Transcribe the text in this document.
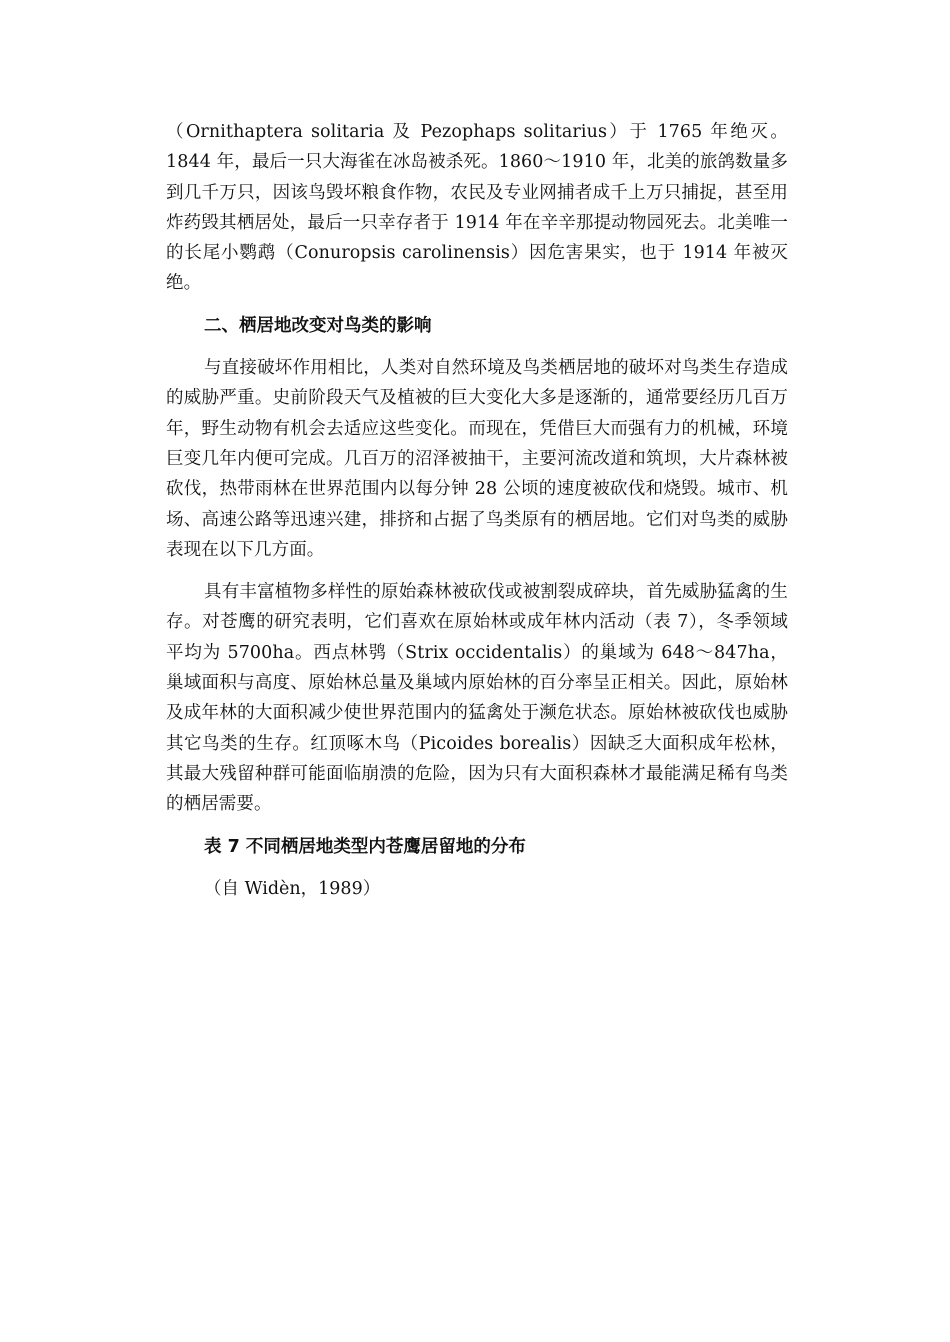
（Ornithaptera solitaria 及 Pezophaps solitarius）于 1765 年绝灭。1844 年，最后一只大海雀在冰岛被杀死。1860～1910 年，北美的旅鸽数量多到几千万只，因该鸟毁坏粮食作物，农民及专业网捕者成千上万只捕捉，甚至用炸药毁其栖居处，最后一只幸存者于 1914 年在辛辛那提动物园死去。北美唯一的长尾小鹦鹉（Conuropsis carolinensis）因危害果实，也于 1914 年被灭绝。

二、栖居地改变对鸟类的影响

与直接破坏作用相比，人类对自然环境及鸟类栖居地的破坏对鸟类生存造成的威胁严重。史前阶段天气及植被的巨大变化大多是逐渐的，通常要经历几百万年，野生动物有机会去适应这些变化。而现在，凭借巨大而强有力的机械，环境巨变几年内便可完成。几百万的沼泽被抽干，主要河流改道和筑坝，大片森林被砍伐，热带雨林在世界范围内以每分钟 28 公顷的速度被砍伐和烧毁。城市、机场、高速公路等迅速兴建，排挤和占据了鸟类原有的栖居地。它们对鸟类的威胁表现在以下几方面。

具有丰富植物多样性的原始森林被砍伐或被割裂成碎块，首先威胁猛禽的生存。对苍鹰的研究表明，它们喜欢在原始林或成年林内活动（表 7），冬季领域平均为 5700ha。西点林鸮（Strix occidentalis）的巢域为 648～847ha，巢域面积与高度、原始林总量及巢域内原始林的百分率呈正相关。因此，原始林及成年林的大面积减少使世界范围内的猛禽处于濒危状态。原始林被砍伐也威胁其它鸟类的生存。红顶啄木鸟（Picoides borealis）因缺乏大面积成年松林，其最大残留种群可能面临崩溃的危险，因为只有大面积森林才最能满足稀有鸟类的栖居需要。

表 7 不同栖居地类型内苍鹰居留地的分布

（自 Widèn，1989）
